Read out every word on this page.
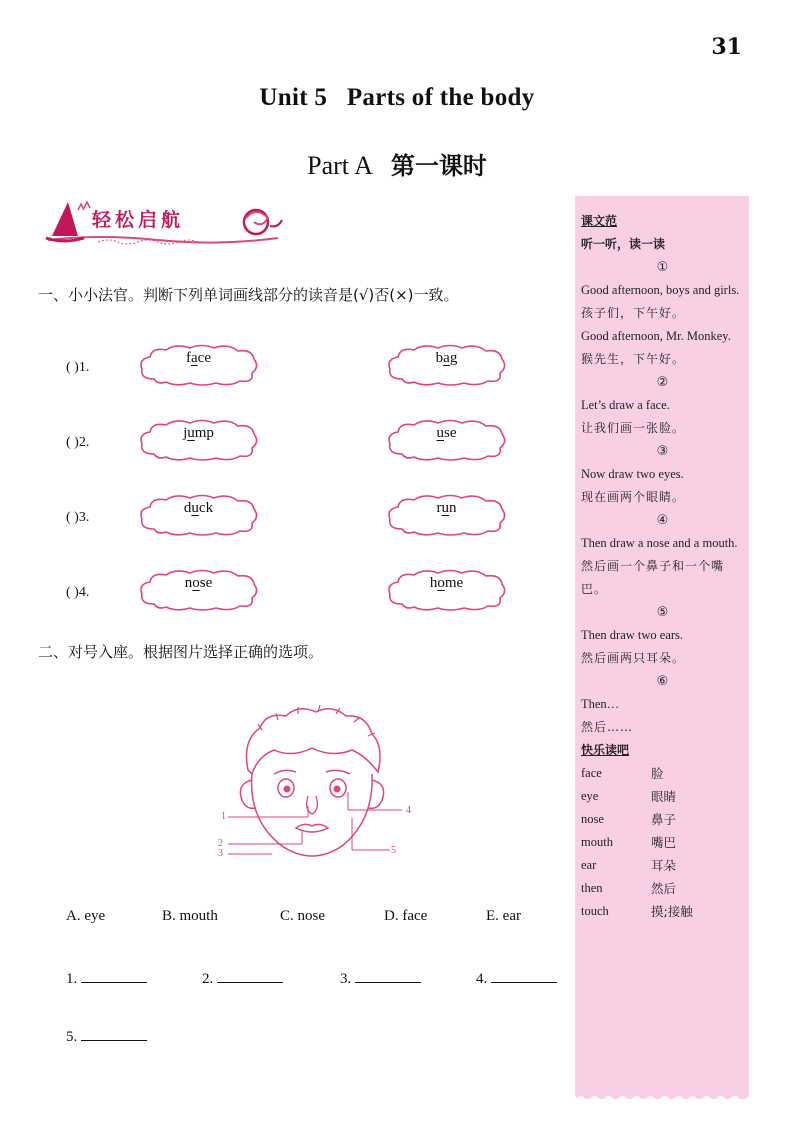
31
Unit 5   Parts of the body
Part A 第一课时
轻松启航
一、小小法官。判断下列单词画线部分的读音是(√)否(×)一致。
( )1.
face	bag
( )2.
jump	use
( )3.
duck	run
( )4.
nose	home
二、对号入座。根据图片选择正确的选项。
1
2
3
4
5
A. eye	B. mouth	C. nose	D. face	E. ear
1.	2.	3.	4.
5.
课文范
听一听，读一读
①
Good afternoon, boys and girls.
孩子们，下午好。
Good afternoon, Mr. Monkey.
猴先生，下午好。
②
Let’s draw a face.
让我们画一张脸。
③
Now draw two eyes.
现在画两个眼睛。
④
Then draw a nose and a mouth.
然后画一个鼻子和一个嘴巴。
⑤
Then draw two ears.
然后画两只耳朵。
⑥
Then…
然后……
快乐读吧
face	脸
eye	眼睛
nose	鼻子
mouth	嘴巴
ear	耳朵
then	然后
touch	摸;接触
